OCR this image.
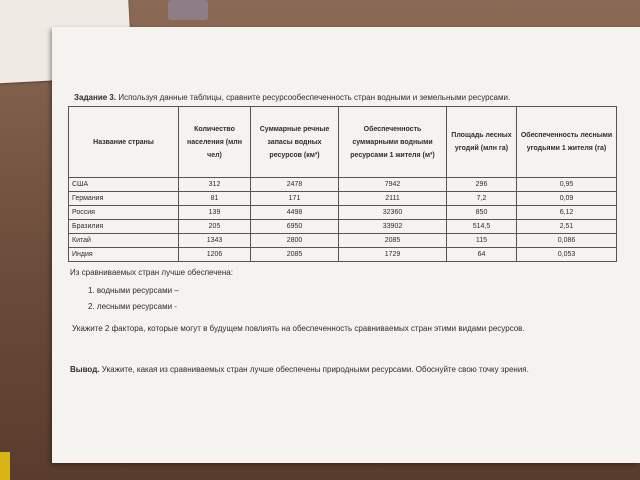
Задание 3. Используя данные таблицы, сравните ресурсообеспеченность стран водными и земельными ресурсами.
Название страны	Количество населения (млн чел)	Суммарные речные запасы водных ресурсов (км³)	Обеспеченность суммарными водными ресурсами 1 жителя (м³)	Площадь лесных угодий (млн га)	Обеспеченность лесными угодьями 1 жителя (га)
США	312	2478	7942	296	0,95
Германия	81	171	2111	7,2	0,09
Россия	139	4498	32360	850	6,12
Бразилия	205	6950	33902	514,5	2,51
Китай	1343	2800	2085	115	0,086
Индия	1206	2085	1729	64	0,053
Из сравниваемых стран лучше обеспечена:
1. водными ресурсами –
2. лесными ресурсами -
Укажите 2 фактора, которые могут в будущем повлиять на обеспеченность сравниваемых стран этими видами ресурсов.
Вывод. Укажите, какая из сравниваемых стран лучше обеспечены природными ресурсами. Обоснуйте свою точку зрения.
